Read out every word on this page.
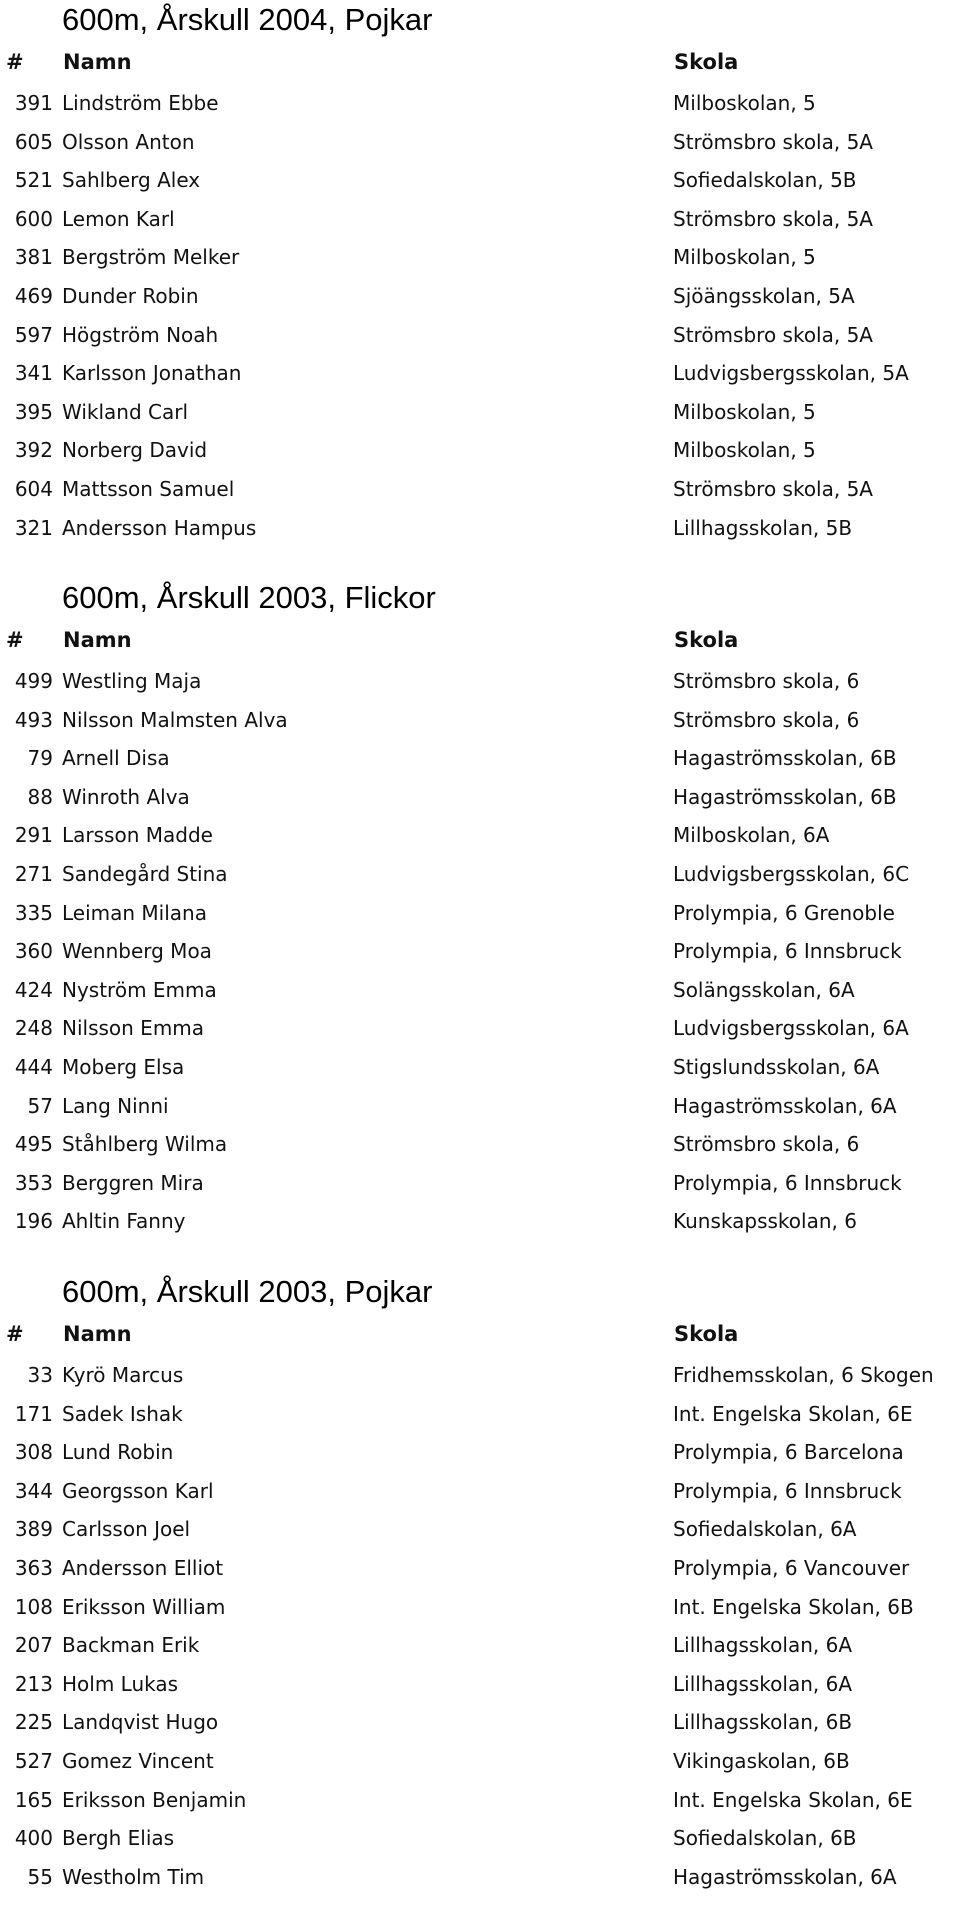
600m, Årskull 2004, Pojkar
# Namn	Skola
391 Lindström Ebbe	Milboskolan, 5
605 Olsson Anton	Strömsbro skola, 5A
521 Sahlberg Alex	Sofiedalskolan, 5B
600 Lemon Karl	Strömsbro skola, 5A
381 Bergström Melker	Milboskolan, 5
469 Dunder Robin	Sjöängsskolan, 5A
597 Högström Noah	Strömsbro skola, 5A
341 Karlsson Jonathan	Ludvigsbergsskolan, 5A
395 Wikland Carl	Milboskolan, 5
392 Norberg David	Milboskolan, 5
604 Mattsson Samuel	Strömsbro skola, 5A
321 Andersson Hampus	Lillhagsskolan, 5B
600m, Årskull 2003, Flickor
# Namn	Skola
499 Westling Maja	Strömsbro skola, 6
493 Nilsson Malmsten Alva	Strömsbro skola, 6
79 Arnell Disa	Hagaströmsskolan, 6B
88 Winroth Alva	Hagaströmsskolan, 6B
291 Larsson Madde	Milboskolan, 6A
271 Sandegård Stina	Ludvigsbergsskolan, 6C
335 Leiman Milana	Prolympia, 6 Grenoble
360 Wennberg Moa	Prolympia, 6 Innsbruck
424 Nyström Emma	Solängsskolan, 6A
248 Nilsson Emma	Ludvigsbergsskolan, 6A
444 Moberg Elsa	Stigslundsskolan, 6A
57 Lang Ninni	Hagaströmsskolan, 6A
495 Ståhlberg Wilma	Strömsbro skola, 6
353 Berggren Mira	Prolympia, 6 Innsbruck
196 Ahltin Fanny	Kunskapsskolan, 6
600m, Årskull 2003, Pojkar
# Namn	Skola
33 Kyrö Marcus	Fridhemsskolan, 6 Skogen
171 Sadek Ishak	Int. Engelska Skolan, 6E
308 Lund Robin	Prolympia, 6 Barcelona
344 Georgsson Karl	Prolympia, 6 Innsbruck
389 Carlsson Joel	Sofiedalskolan, 6A
363 Andersson Elliot	Prolympia, 6 Vancouver
108 Eriksson William	Int. Engelska Skolan, 6B
207 Backman Erik	Lillhagsskolan, 6A
213 Holm Lukas	Lillhagsskolan, 6A
225 Landqvist Hugo	Lillhagsskolan, 6B
527 Gomez Vincent	Vikingaskolan, 6B
165 Eriksson Benjamin	Int. Engelska Skolan, 6E
400 Bergh Elias	Sofiedalskolan, 6B
55 Westholm Tim	Hagaströmsskolan, 6A
